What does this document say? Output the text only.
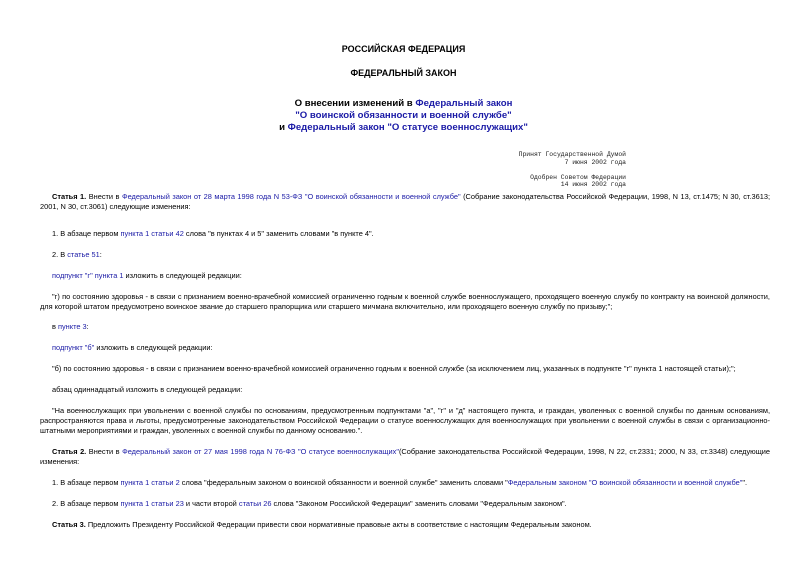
РОССИЙСКАЯ ФЕДЕРАЦИЯ
ФЕДЕРАЛЬНЫЙ ЗАКОН
О внесении изменений в Федеральный закон
"О воинской обязанности и военной службе"
и Федеральный закон "О статусе военнослужащих"
Принят Государственной Думой
7 июня 2002 года
Одобрен Советом Федерации
14 июня 2002 года
Статья 1. Внести в Федеральный закон от 28 марта 1998 года N 53-ФЗ "О воинской обязанности и военной службе" (Собрание законодательства Российской Федерации, 1998, N 13, ст.1475; N 30, ст.3613; 2001, N 30, ст.3061) следующие изменения:
1. В абзаце первом пункта 1 статьи 42 слова "в пунктах 4 и 5" заменить словами "в пункте 4".
2. В статье 51:
подпункт "г" пункта 1 изложить в следующей редакции:
"г) по состоянию здоровья - в связи с признанием военно-врачебной комиссией ограниченно годным к военной службе военнослужащего, проходящего военную службу по контракту на воинской должности, для которой штатом предусмотрено воинское звание до старшего прапорщика или старшего мичмана включительно, или проходящего военную службу по призыву;";
в пункте 3:
подпункт "б" изложить в следующей редакции:
"б) по состоянию здоровья - в связи с признанием военно-врачебной комиссией ограниченно годным к военной службе (за исключением лиц, указанных в подпункте "г" пункта 1 настоящей статьи);";
абзац одиннадцатый изложить в следующей редакции:
"На военнослужащих при увольнении с военной службы по основаниям, предусмотренным подпунктами "а", "г" и "д" настоящего пункта, и граждан, уволенных с военной службы по данным основаниям, распространяются права и льготы, предусмотренные законодательством Российской Федерации о статусе военнослужащих для военнослужащих при увольнении с военной службы в связи с организационно-штатными мероприятиями и граждан, уволенных с военной службы по данному основанию.".
Статья 2. Внести в Федеральный закон от 27 мая 1998 года N 76-ФЗ "О статусе военнослужащих"(Собрание законодательства Российской Федерации, 1998, N 22, ст.2331; 2000, N 33, ст.3348) следующие изменения:
1. В абзаце первом пункта 1 статьи 2 слова "федеральным законом о воинской обязанности и военной службе" заменить словами "Федеральным законом "О воинской обязанности и военной службе"".
2. В абзаце первом пункта 1 статьи 23 и части второй статьи 26 слова "Законом Российской Федерации" заменить словами "Федеральным законом".
Статья 3. Предложить Президенту Российской Федерации привести свои нормативные правовые акты в соответствие с настоящим Федеральным законом.
